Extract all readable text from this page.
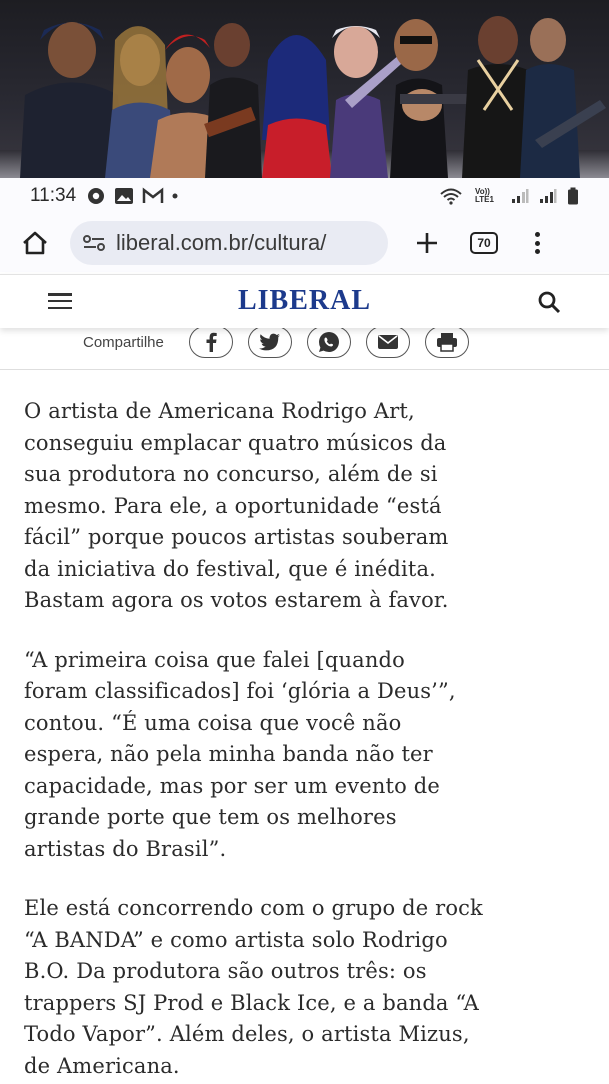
11:34	Vo)) LTE1
liberal.com.br/cultura/	70
LIBERAL
Compartilhe

O artista de Americana Rodrigo Art,
conseguiu emplacar quatro músicos da
sua produtora no concurso, além de si
mesmo. Para ele, a oportunidade “está
fácil” porque poucos artistas souberam
da iniciativa do festival, que é inédita.
Bastam agora os votos estarem à favor.

“A primeira coisa que falei [quando
foram classificados] foi ‘glória a Deus’”,
contou. “É uma coisa que você não
espera, não pela minha banda não ter
capacidade, mas por ser um evento de
grande porte que tem os melhores
artistas do Brasil”.

Ele está concorrendo com o grupo de rock
“A BANDA” e como artista solo Rodrigo
B.O. Da produtora são outros três: os
trappers SJ Prod e Black Ice, e a banda “A
Todo Vapor”. Além deles, o artista Mizus,
de Americana.
